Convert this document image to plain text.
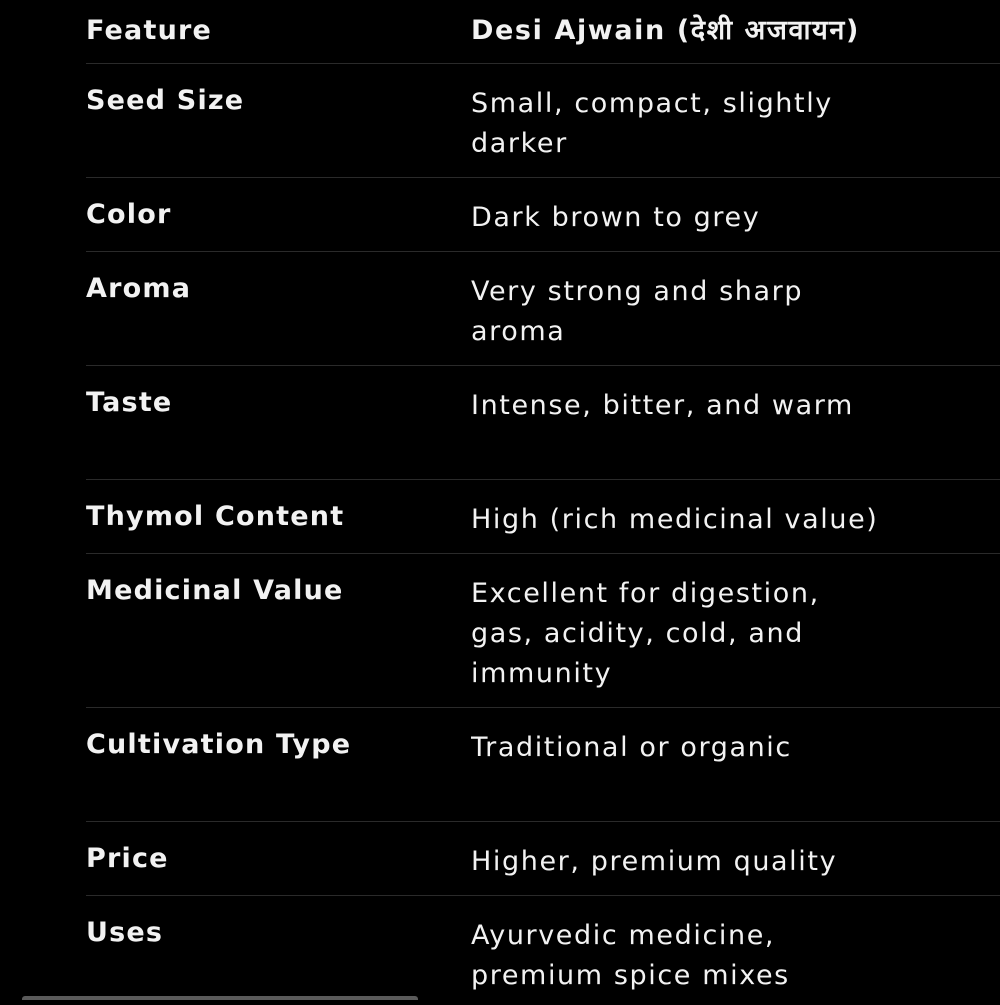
Feature	Desi Ajwain (देशी अजवायन)
Seed Size	Small, compact, slightly
darker
Color	Dark brown to grey
Aroma	Very strong and sharp
aroma
Taste	Intense, bitter, and warm
Thymol Content	High (rich medicinal value)
Medicinal Value	Excellent for digestion,
gas, acidity, cold, and
immunity
Cultivation Type	Traditional or organic
Price	Higher, premium quality
Uses	Ayurvedic medicine,
premium spice mixes
